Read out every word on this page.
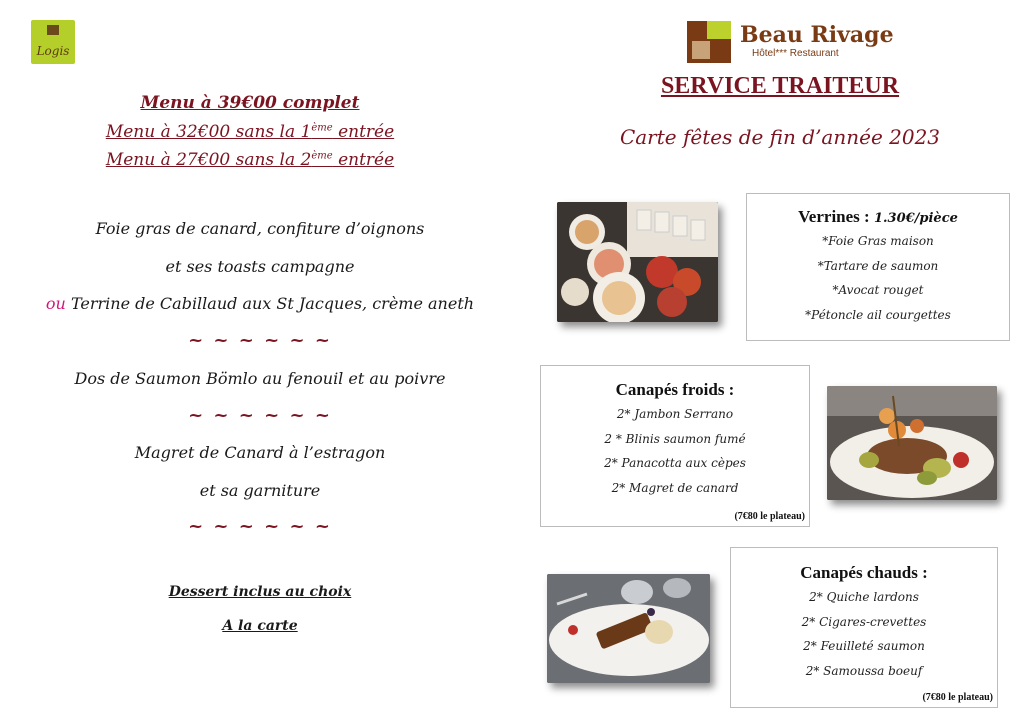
Logis
Beau Rivage
Hôtel*** Restaurant
SERVICE TRAITEUR
Carte fêtes de fin d’année 2023
Menu à 39€00 complet
Menu à 32€00 sans la 1ème entrée
Menu à 27€00 sans la 2ème entrée
Foie gras de canard, confiture d’oignons
et ses toasts campagne
ou Terrine de Cabillaud aux St Jacques, crème aneth
~ ~ ~ ~ ~ ~
Dos de Saumon Bömlo au fenouil et au poivre
~ ~ ~ ~ ~ ~
Magret de Canard à l’estragon
et sa garniture
~ ~ ~ ~ ~ ~
Dessert inclus au choix
A la carte
Verrines : 1.30€/pièce
*Foie Gras maison
*Tartare de saumon
*Avocat rouget
*Pétoncle ail courgettes
Canapés froids :
2* Jambon Serrano
2 * Blinis saumon fumé
2* Panacotta aux cèpes
2* Magret de canard
(7€80 le plateau)
Canapés chauds :
2* Quiche lardons
2* Cigares-crevettes
2* Feuilleté saumon
2* Samoussa boeuf
(7€80 le plateau)
